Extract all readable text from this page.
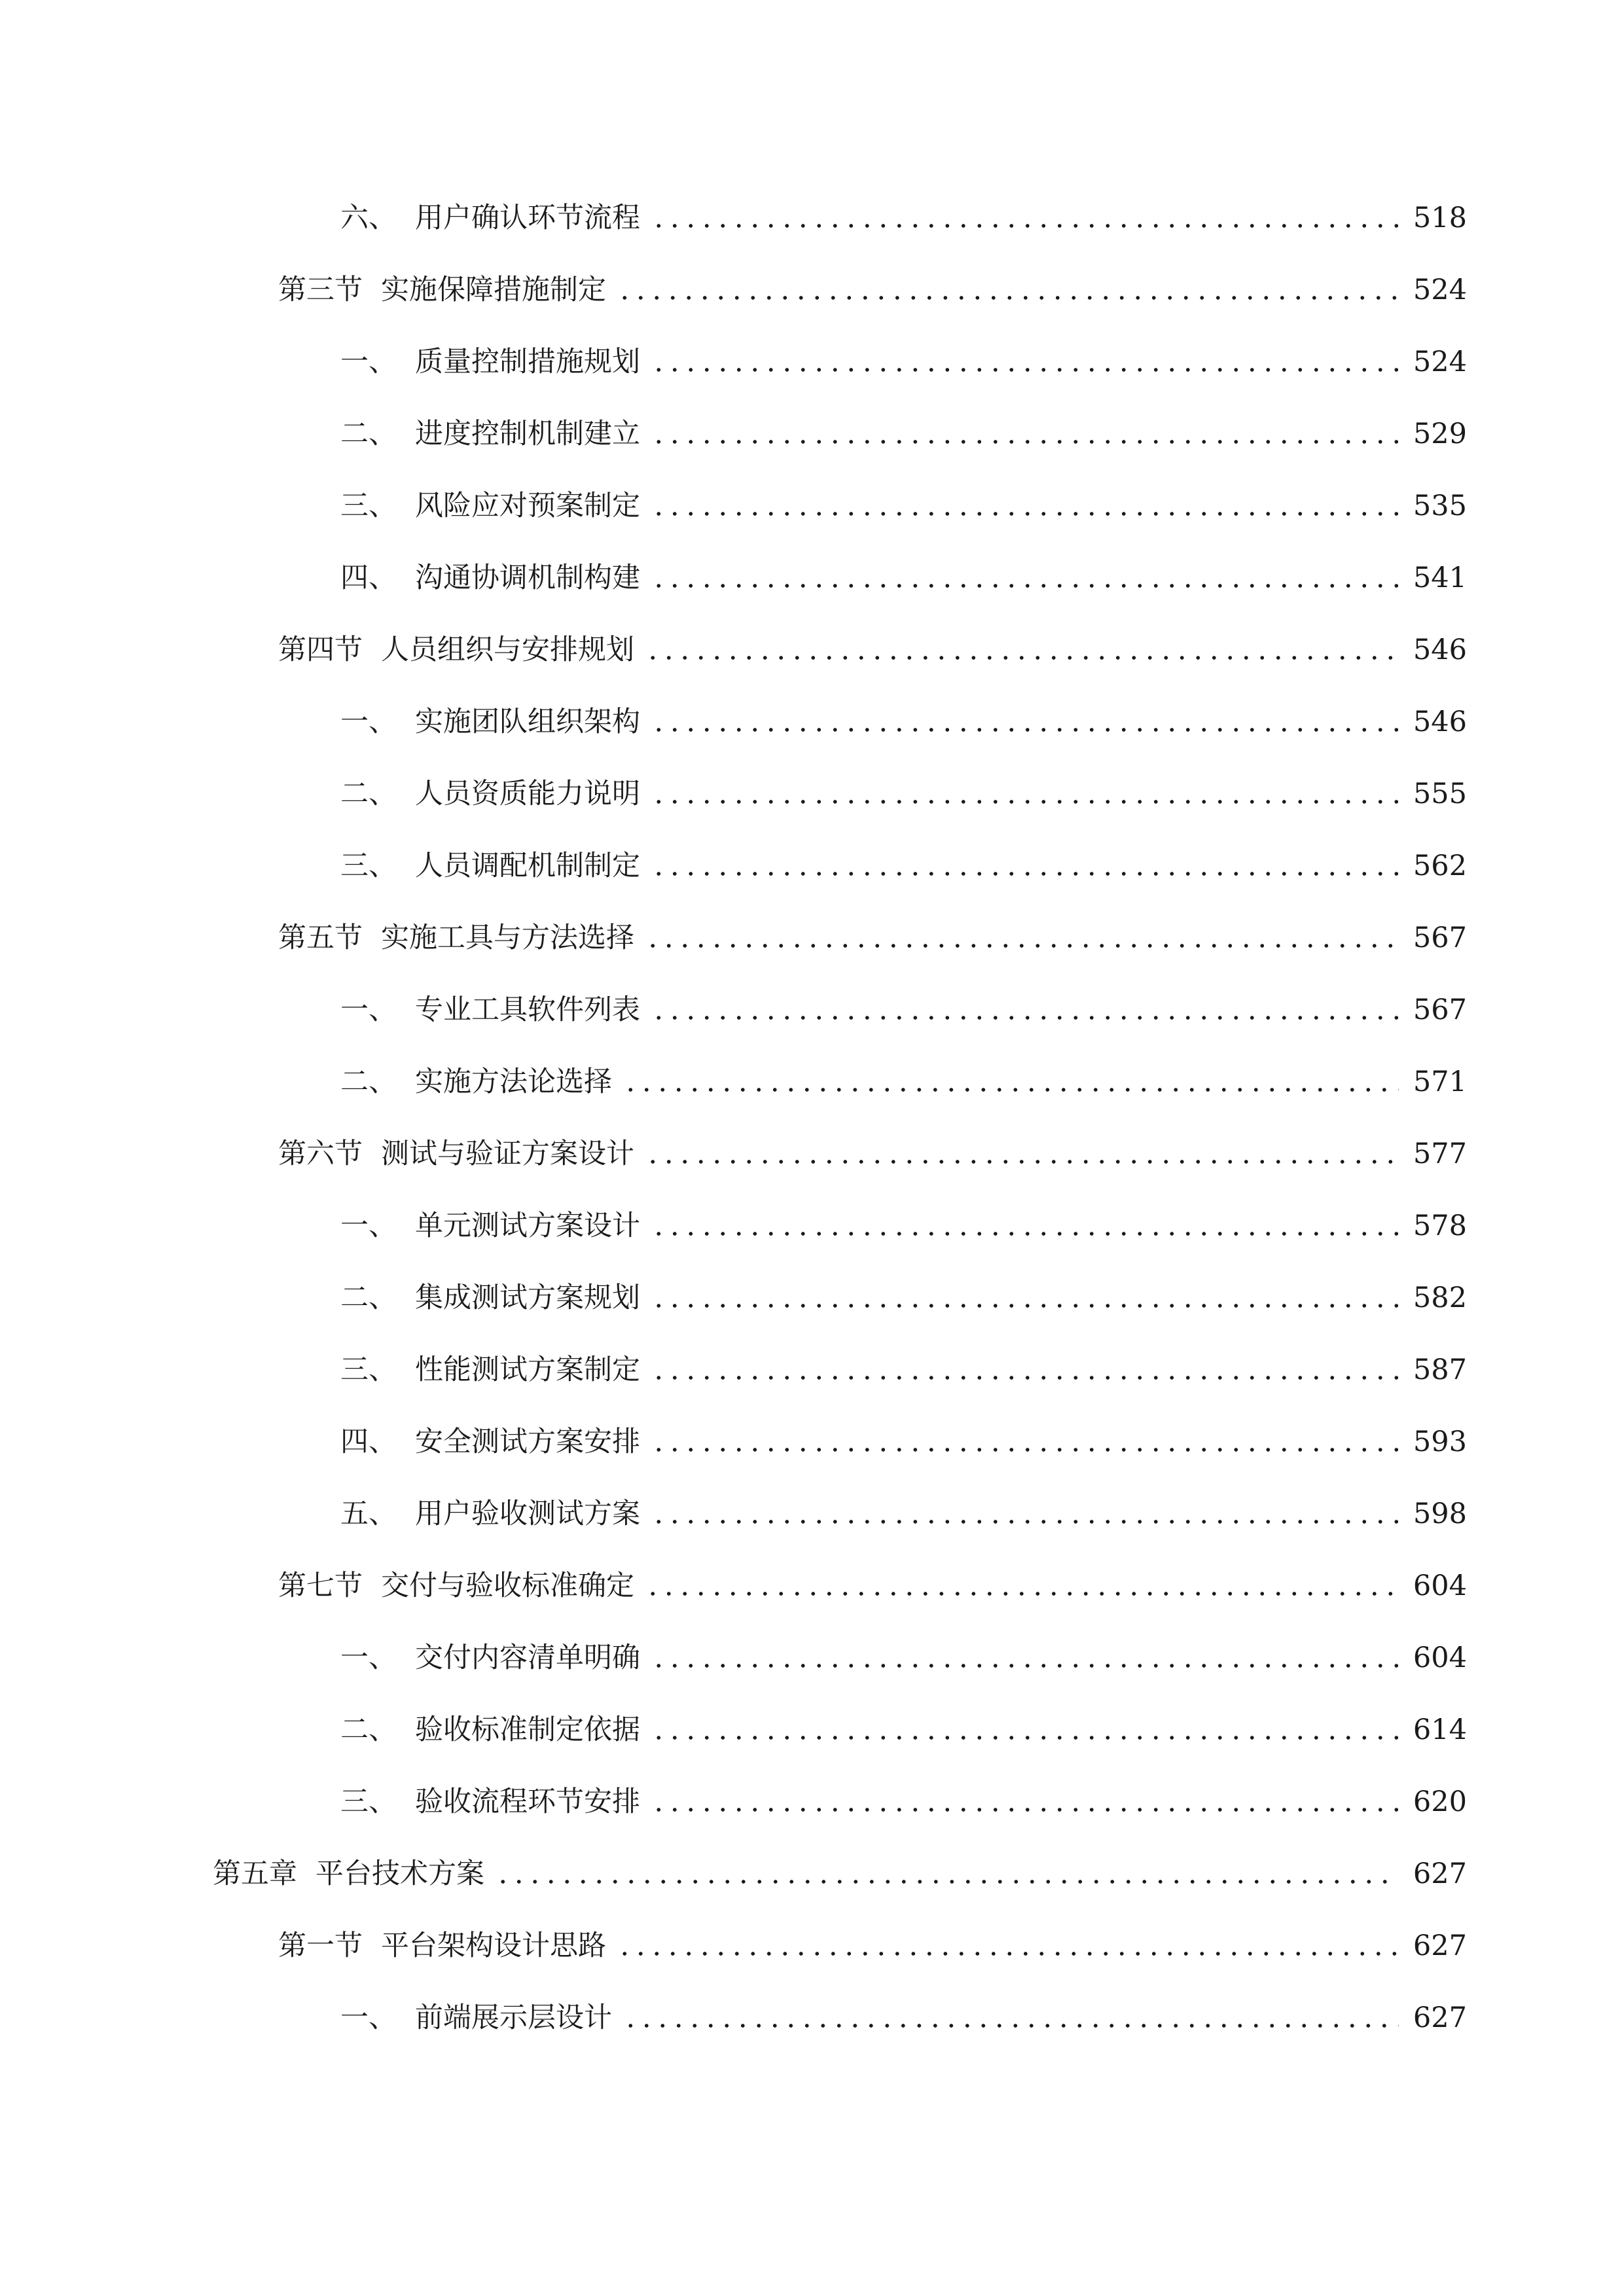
六、 用户确认环节流程	518
第三节 实施保障措施制定	524
一、 质量控制措施规划	524
二、 进度控制机制建立	529
三、 风险应对预案制定	535
四、 沟通协调机制构建	541
第四节 人员组织与安排规划	546
一、 实施团队组织架构	546
二、 人员资质能力说明	555
三、 人员调配机制制定	562
第五节 实施工具与方法选择	567
一、 专业工具软件列表	567
二、 实施方法论选择	571
第六节 测试与验证方案设计	577
一、 单元测试方案设计	578
二、 集成测试方案规划	582
三、 性能测试方案制定	587
四、 安全测试方案安排	593
五、 用户验收测试方案	598
第七节 交付与验收标准确定	604
一、 交付内容清单明确	604
二、 验收标准制定依据	614
三、 验收流程环节安排	620
第五章 平台技术方案	627
第一节 平台架构设计思路	627
一、 前端展示层设计	627
